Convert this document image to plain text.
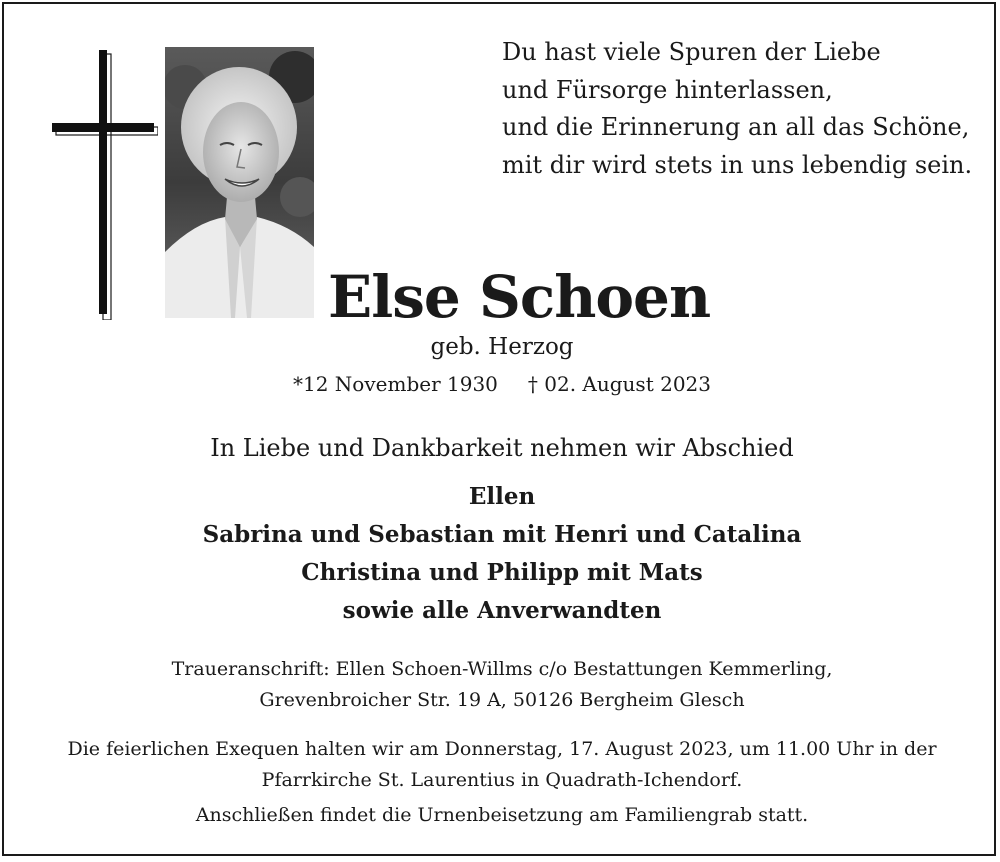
Du hast viele Spuren der Liebe
und Fürsorge hinterlassen,
und die Erinnerung an all das Schöne,
mit dir wird stets in uns lebendig sein.
Else Schoen
geb. Herzog
*12 November 1930 † 02. August 2023
In Liebe und Dankbarkeit nehmen wir Abschied
Ellen
Sabrina und Sebastian mit Henri und Catalina
Christina und Philipp mit Mats
sowie alle Anverwandten
Traueranschrift: Ellen Schoen-Willms c/o Bestattungen Kemmerling,
Grevenbroicher Str. 19 A, 50126 Bergheim Glesch
Die feierlichen Exequen halten wir am Donnerstag, 17. August 2023, um 11.00 Uhr in der
Pfarrkirche St. Laurentius in Quadrath-Ichendorf.
Anschließen findet die Urnenbeisetzung am Familiengrab statt.
